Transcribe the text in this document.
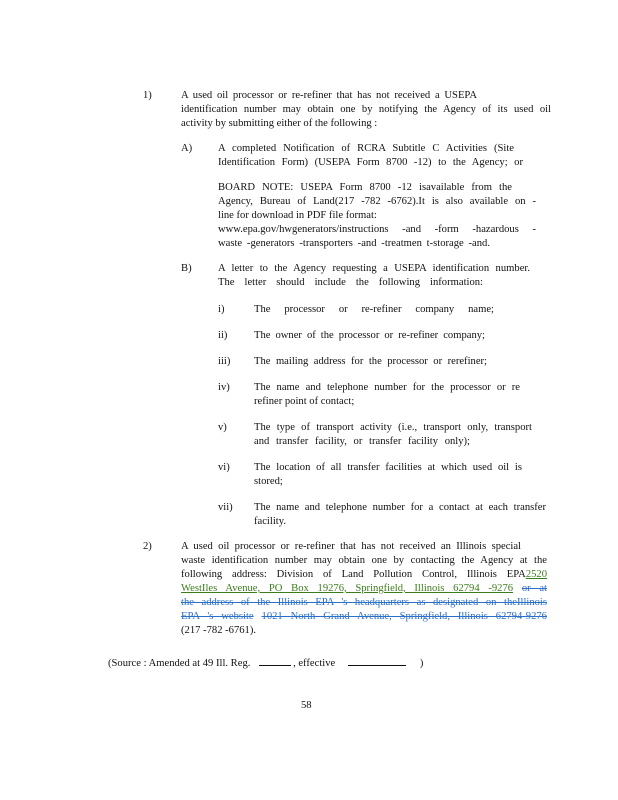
1)	A used oil processor or re-refiner that has not received a USEPA
identification number may obtain one by notifying the Agency of its used oil
activity by submitting either of the following :
A) A completed Notification of RCRA Subtitle C Activities (Site
Identification Form) (USEPA Form 8700 -12) to the Agency; or
BOARD NOTE: USEPA Form 8700 -12 isavailable from the
Agency, Bureau of Land(217 -782 -6762).It is also available on -
line for download in PDF file format:
www.epa.gov/hwgenerators/instructions -and -form -hazardous -
waste -generators -transporters -and -treatmen t-storage -and.
B) A letter to the Agency requesting a USEPA identification number.
The letter should include the following information:
i)	The processor or re-refiner company name;
ii)	The owner of the processor or re-refiner company;
iii) The mailing address for the processor or rerefiner;
iv) The name and telephone number for the processor or re
refiner point of contact;
v)	The type of transport activity (i.e., transport only, transport
and transfer facility, or transfer facility only);
vi) The location of all transfer facilities at which used oil is
stored;
vii) The name and telephone number for a contact at each transfer
facility.
2)	A used oil processor or re-refiner that has not received an Illinois special
waste identification number may obtain one by contacting the Agency at the
following address: Division of Land Pollution Control, Illinois EPA2520
WestIles Avenue, PO Box 19276, Springfield, Illinois 62794 -9276 or at
the address of the Illinois EPA 's headquarters as designated on theIllinois
EPA 's website 1021 North Grand Avenue, Springfield, Illinois 62794-9276
(217 -782 -6761).
(Source : Amended at 49 Ill. Reg.	, effective	)
58
